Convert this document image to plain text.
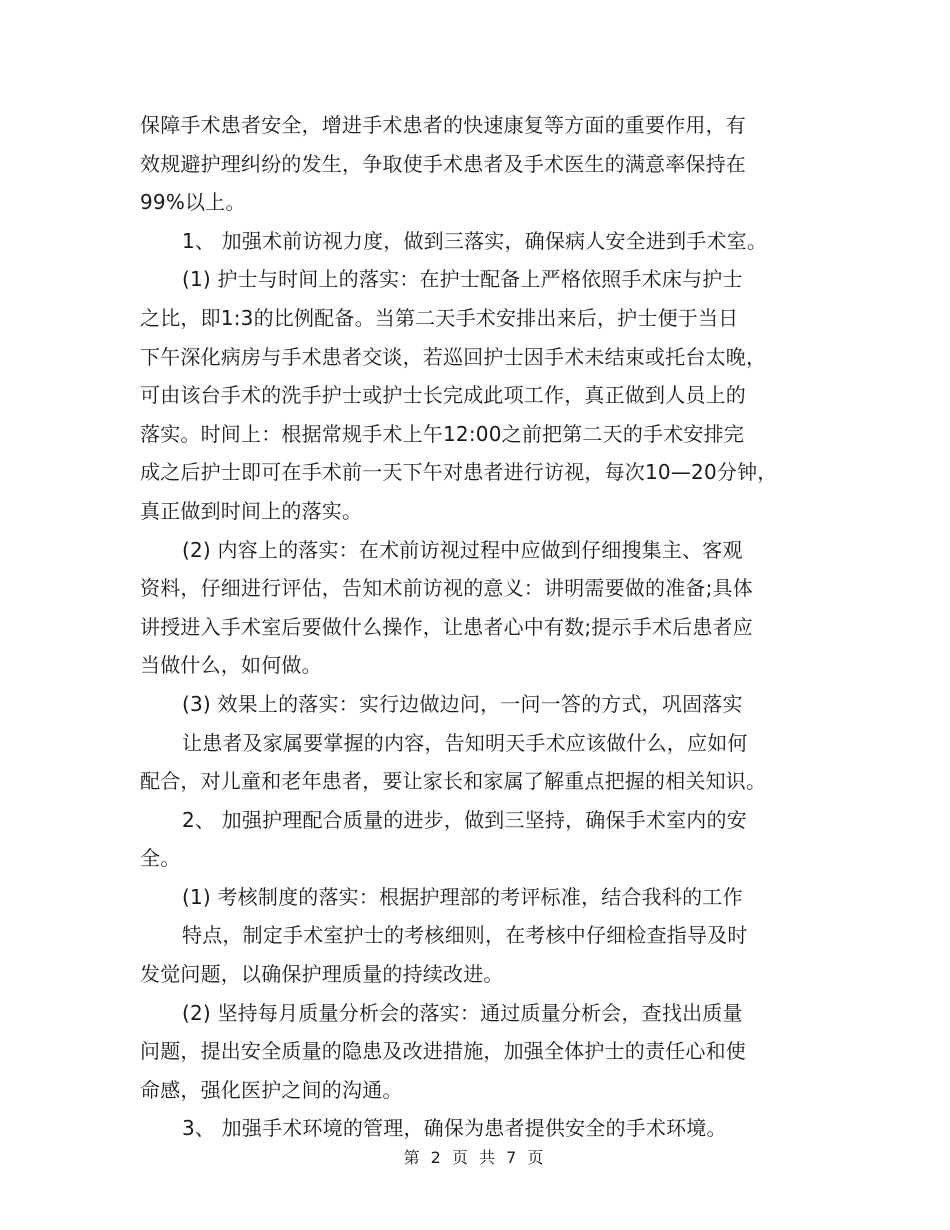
保障手术患者安全，增进手术患者的快速康复等方面的重要作用，有
效规避护理纠纷的发生，争取使手术患者及手术医生的满意率保持在
99%以上。
1、 加强术前访视力度，做到三落实，确保病人安全进到手术室。
(1) 护士与时间上的落实：在护士配备上严格依照手术床与护士
之比，即1:3的比例配备。当第二天手术安排出来后，护士便于当日
下午深化病房与手术患者交谈，若巡回护士因手术未结束或托台太晚，
可由该台手术的洗手护士或护士长完成此项工作，真正做到人员上的
落实。时间上：根据常规手术上午12:00之前把第二天的手术安排完
成之后护士即可在手术前一天下午对患者进行访视，每次10—20分钟，
真正做到时间上的落实。
(2) 内容上的落实：在术前访视过程中应做到仔细搜集主、客观
资料，仔细进行评估，告知术前访视的意义：讲明需要做的准备;具体
讲授进入手术室后要做什么操作，让患者心中有数;提示手术后患者应
当做什么，如何做。
(3) 效果上的落实：实行边做边问，一问一答的方式，巩固落实
让患者及家属要掌握的内容，告知明天手术应该做什么，应如何
配合，对儿童和老年患者，要让家长和家属了解重点把握的相关知识。
2、 加强护理配合质量的进步，做到三坚持，确保手术室内的安
全。
(1) 考核制度的落实：根据护理部的考评标准，结合我科的工作
特点，制定手术室护士的考核细则，在考核中仔细检查指导及时
发觉问题，以确保护理质量的持续改进。
(2) 坚持每月质量分析会的落实：通过质量分析会，查找出质量
问题，提出安全质量的隐患及改进措施，加强全体护士的责任心和使
命感，强化医护之间的沟通。
3、 加强手术环境的管理，确保为患者提供安全的手术环境。
第 2 页 共 7 页
